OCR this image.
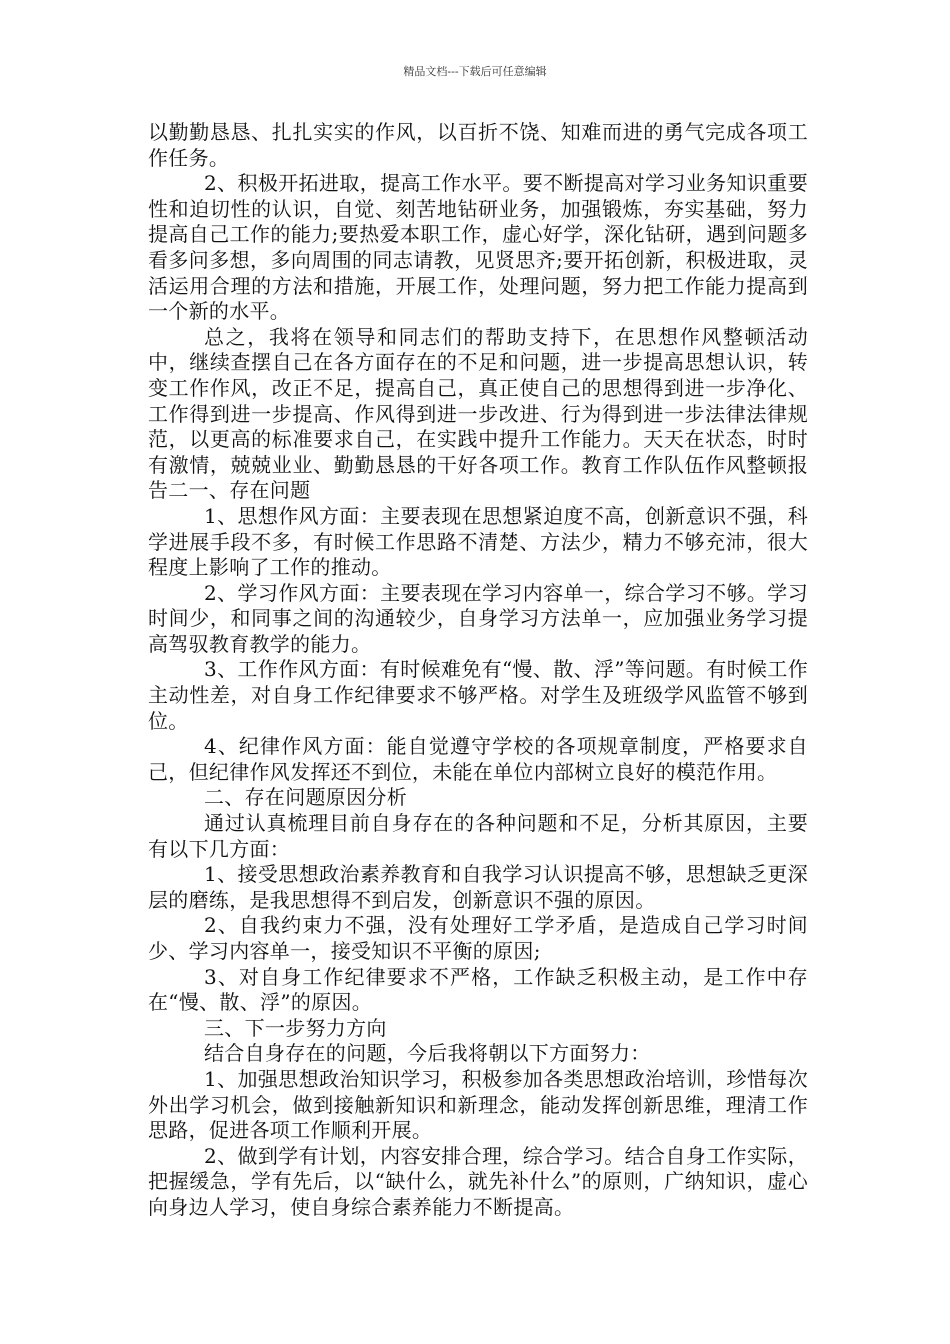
精品文档---下载后可任意编辑

以勤勤恳恳、扎扎实实的作风，以百折不饶、知难而进的勇气完成各项工作任务。

2、积极开拓进取，提高工作水平。要不断提高对学习业务知识重要性和迫切性的认识，自觉、刻苦地钻研业务，加强锻炼，夯实基础，努力提高自己工作的能力;要热爱本职工作，虚心好学，深化钻研，遇到问题多看多问多想，多向周围的同志请教，见贤思齐;要开拓创新，积极进取，灵活运用合理的方法和措施，开展工作，处理问题，努力把工作能力提高到一个新的水平。

总之，我将在领导和同志们的帮助支持下，在思想作风整顿活动中，继续查摆自己在各方面存在的不足和问题，进一步提高思想认识，转变工作作风，改正不足，提高自己，真正使自己的思想得到进一步净化、工作得到进一步提高、作风得到进一步改进、行为得到进一步法律法律规范，以更高的标准要求自己，在实践中提升工作能力。天天在状态，时时有激情，兢兢业业、勤勤恳恳的干好各项工作。教育工作队伍作风整顿报告二一、存在问题

1、思想作风方面：主要表现在思想紧迫度不高，创新意识不强，科学进展手段不多，有时候工作思路不清楚、方法少，精力不够充沛，很大程度上影响了工作的推动。

2、学习作风方面：主要表现在学习内容单一，综合学习不够。学习时间少，和同事之间的沟通较少，自身学习方法单一，应加强业务学习提高驾驭教育教学的能力。

3、工作作风方面：有时候难免有“慢、散、浮”等问题。有时候工作主动性差，对自身工作纪律要求不够严格。对学生及班级学风监管不够到位。

4、纪律作风方面：能自觉遵守学校的各项规章制度，严格要求自己，但纪律作风发挥还不到位，未能在单位内部树立良好的模范作用。

二、存在问题原因分析

通过认真梳理目前自身存在的各种问题和不足，分析其原因，主要有以下几方面：

1、接受思想政治素养教育和自我学习认识提高不够，思想缺乏更深层的磨练，是我思想得不到启发，创新意识不强的原因。

2、自我约束力不强，没有处理好工学矛盾，是造成自己学习时间少、学习内容单一，接受知识不平衡的原因;

3、对自身工作纪律要求不严格，工作缺乏积极主动，是工作中存在“慢、散、浮”的原因。

三、下一步努力方向

结合自身存在的问题，今后我将朝以下方面努力：

1、加强思想政治知识学习，积极参加各类思想政治培训，珍惜每次外出学习机会，做到接触新知识和新理念，能动发挥创新思维，理清工作思路，促进各项工作顺利开展。

2、做到学有计划，内容安排合理，综合学习。结合自身工作实际，把握缓急，学有先后，以“缺什么，就先补什么”的原则，广纳知识，虚心向身边人学习，使自身综合素养能力不断提高。
